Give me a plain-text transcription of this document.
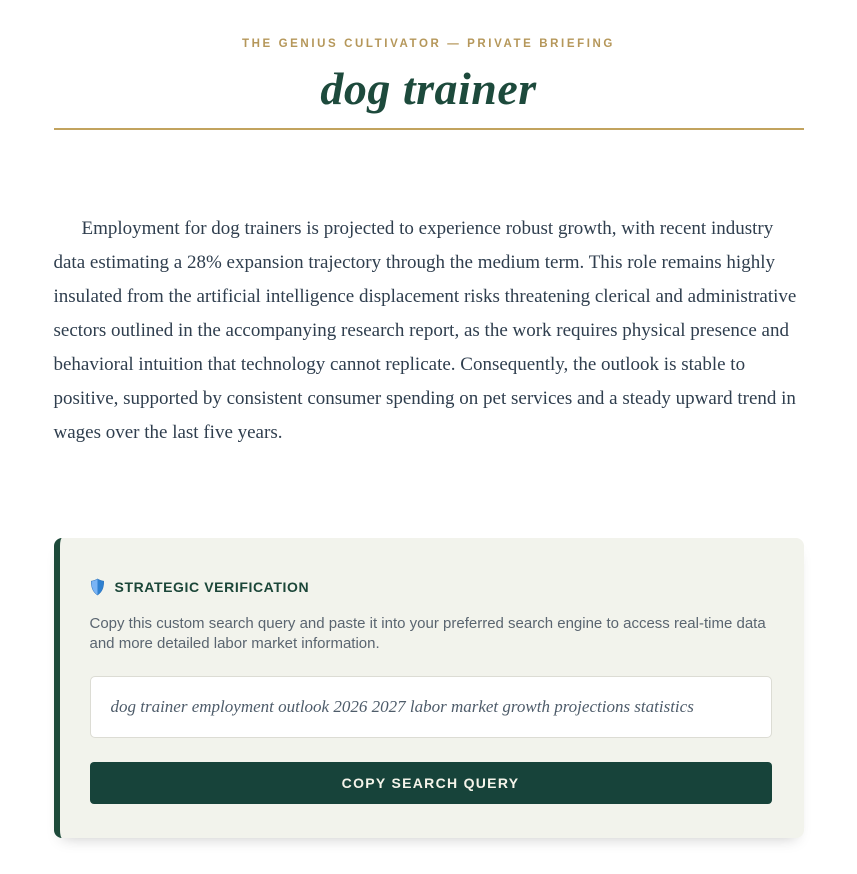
THE GENIUS CULTIVATOR — PRIVATE BRIEFING
dog trainer

Employment for dog trainers is projected to experience robust growth, with recent industry data estimating a 28% expansion trajectory through the medium term. This role remains highly insulated from the artificial intelligence displacement risks threatening clerical and administrative sectors outlined in the accompanying research report, as the work requires physical presence and behavioral intuition that technology cannot replicate. Consequently, the outlook is stable to positive, supported by consistent consumer spending on pet services and a steady upward trend in wages over the last five years.

STRATEGIC VERIFICATION
Copy this custom search query and paste it into your preferred search engine to access real-time data and more detailed labor market information.
dog trainer employment outlook 2026 2027 labor market growth projections statistics
COPY SEARCH QUERY
